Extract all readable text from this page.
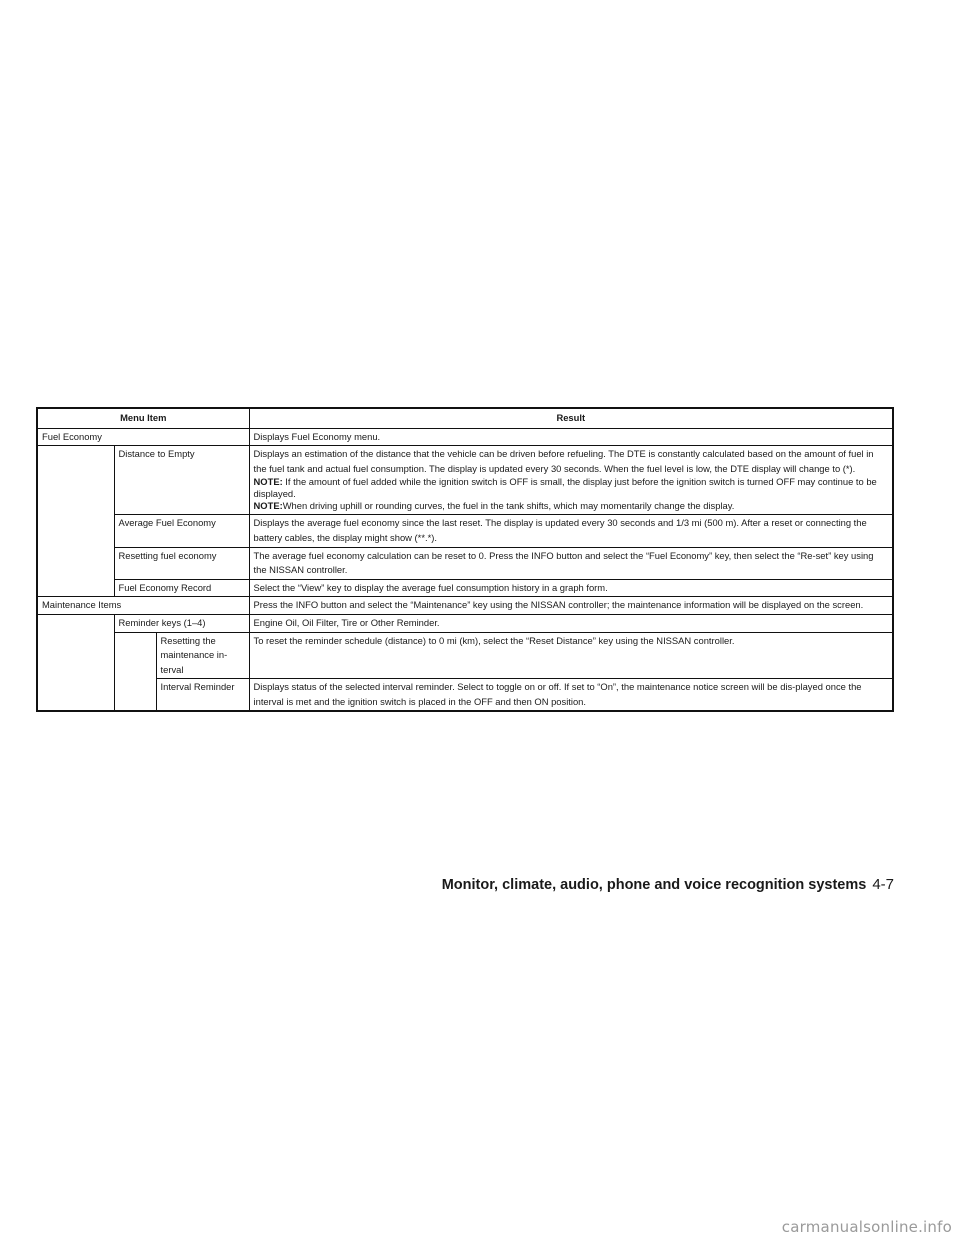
Menu Item			Result
Fuel Economy			Displays Fuel Economy menu.
	Distance to Empty		Displays an estimation of the distance that the vehicle can be driven before refueling. The DTE is constantly calculated based on the amount of fuel in the fuel tank and actual fuel consumption. The display is updated every 30 seconds. When the fuel level is low, the DTE display will change to (*).
NOTE: If the amount of fuel added while the ignition switch is OFF is small, the display just before the ignition switch is turned OFF may continue to be displayed.
NOTE:When driving uphill or rounding curves, the fuel in the tank shifts, which may momentarily change the display.

	Average Fuel Economy		Displays the average fuel economy since the last reset. The display is updated every 30 seconds and 1/3 mi (500 m). After a reset or connecting the battery cables, the display might show (**.*).
	Resetting fuel economy		The average fuel economy calculation can be reset to 0. Press the INFO button and select the “Fuel Economy” key, then select the “Re-set” key using the NISSAN controller.
	Fuel Economy Record		Select the “View” key to display the average fuel consumption history in a graph form.
Maintenance Items			Press the INFO button and select the “Maintenance” key using the NISSAN controller; the maintenance information will be displayed on the screen.
	Reminder keys (1–4)		Engine Oil, Oil Filter, Tire or Other Reminder.
		Resetting the maintenance in-terval	To reset the reminder schedule (distance) to 0 mi (km), select the “Reset Distance” key using the NISSAN controller.
		Interval Reminder	Displays status of the selected interval reminder. Select to toggle on or off. If set to “On”, the maintenance notice screen will be dis-played once the interval is met and the ignition switch is placed in the OFF and then ON position.
Monitor, climate, audio, phone and voice recognition systems 4-7
carmanualsonline.info
